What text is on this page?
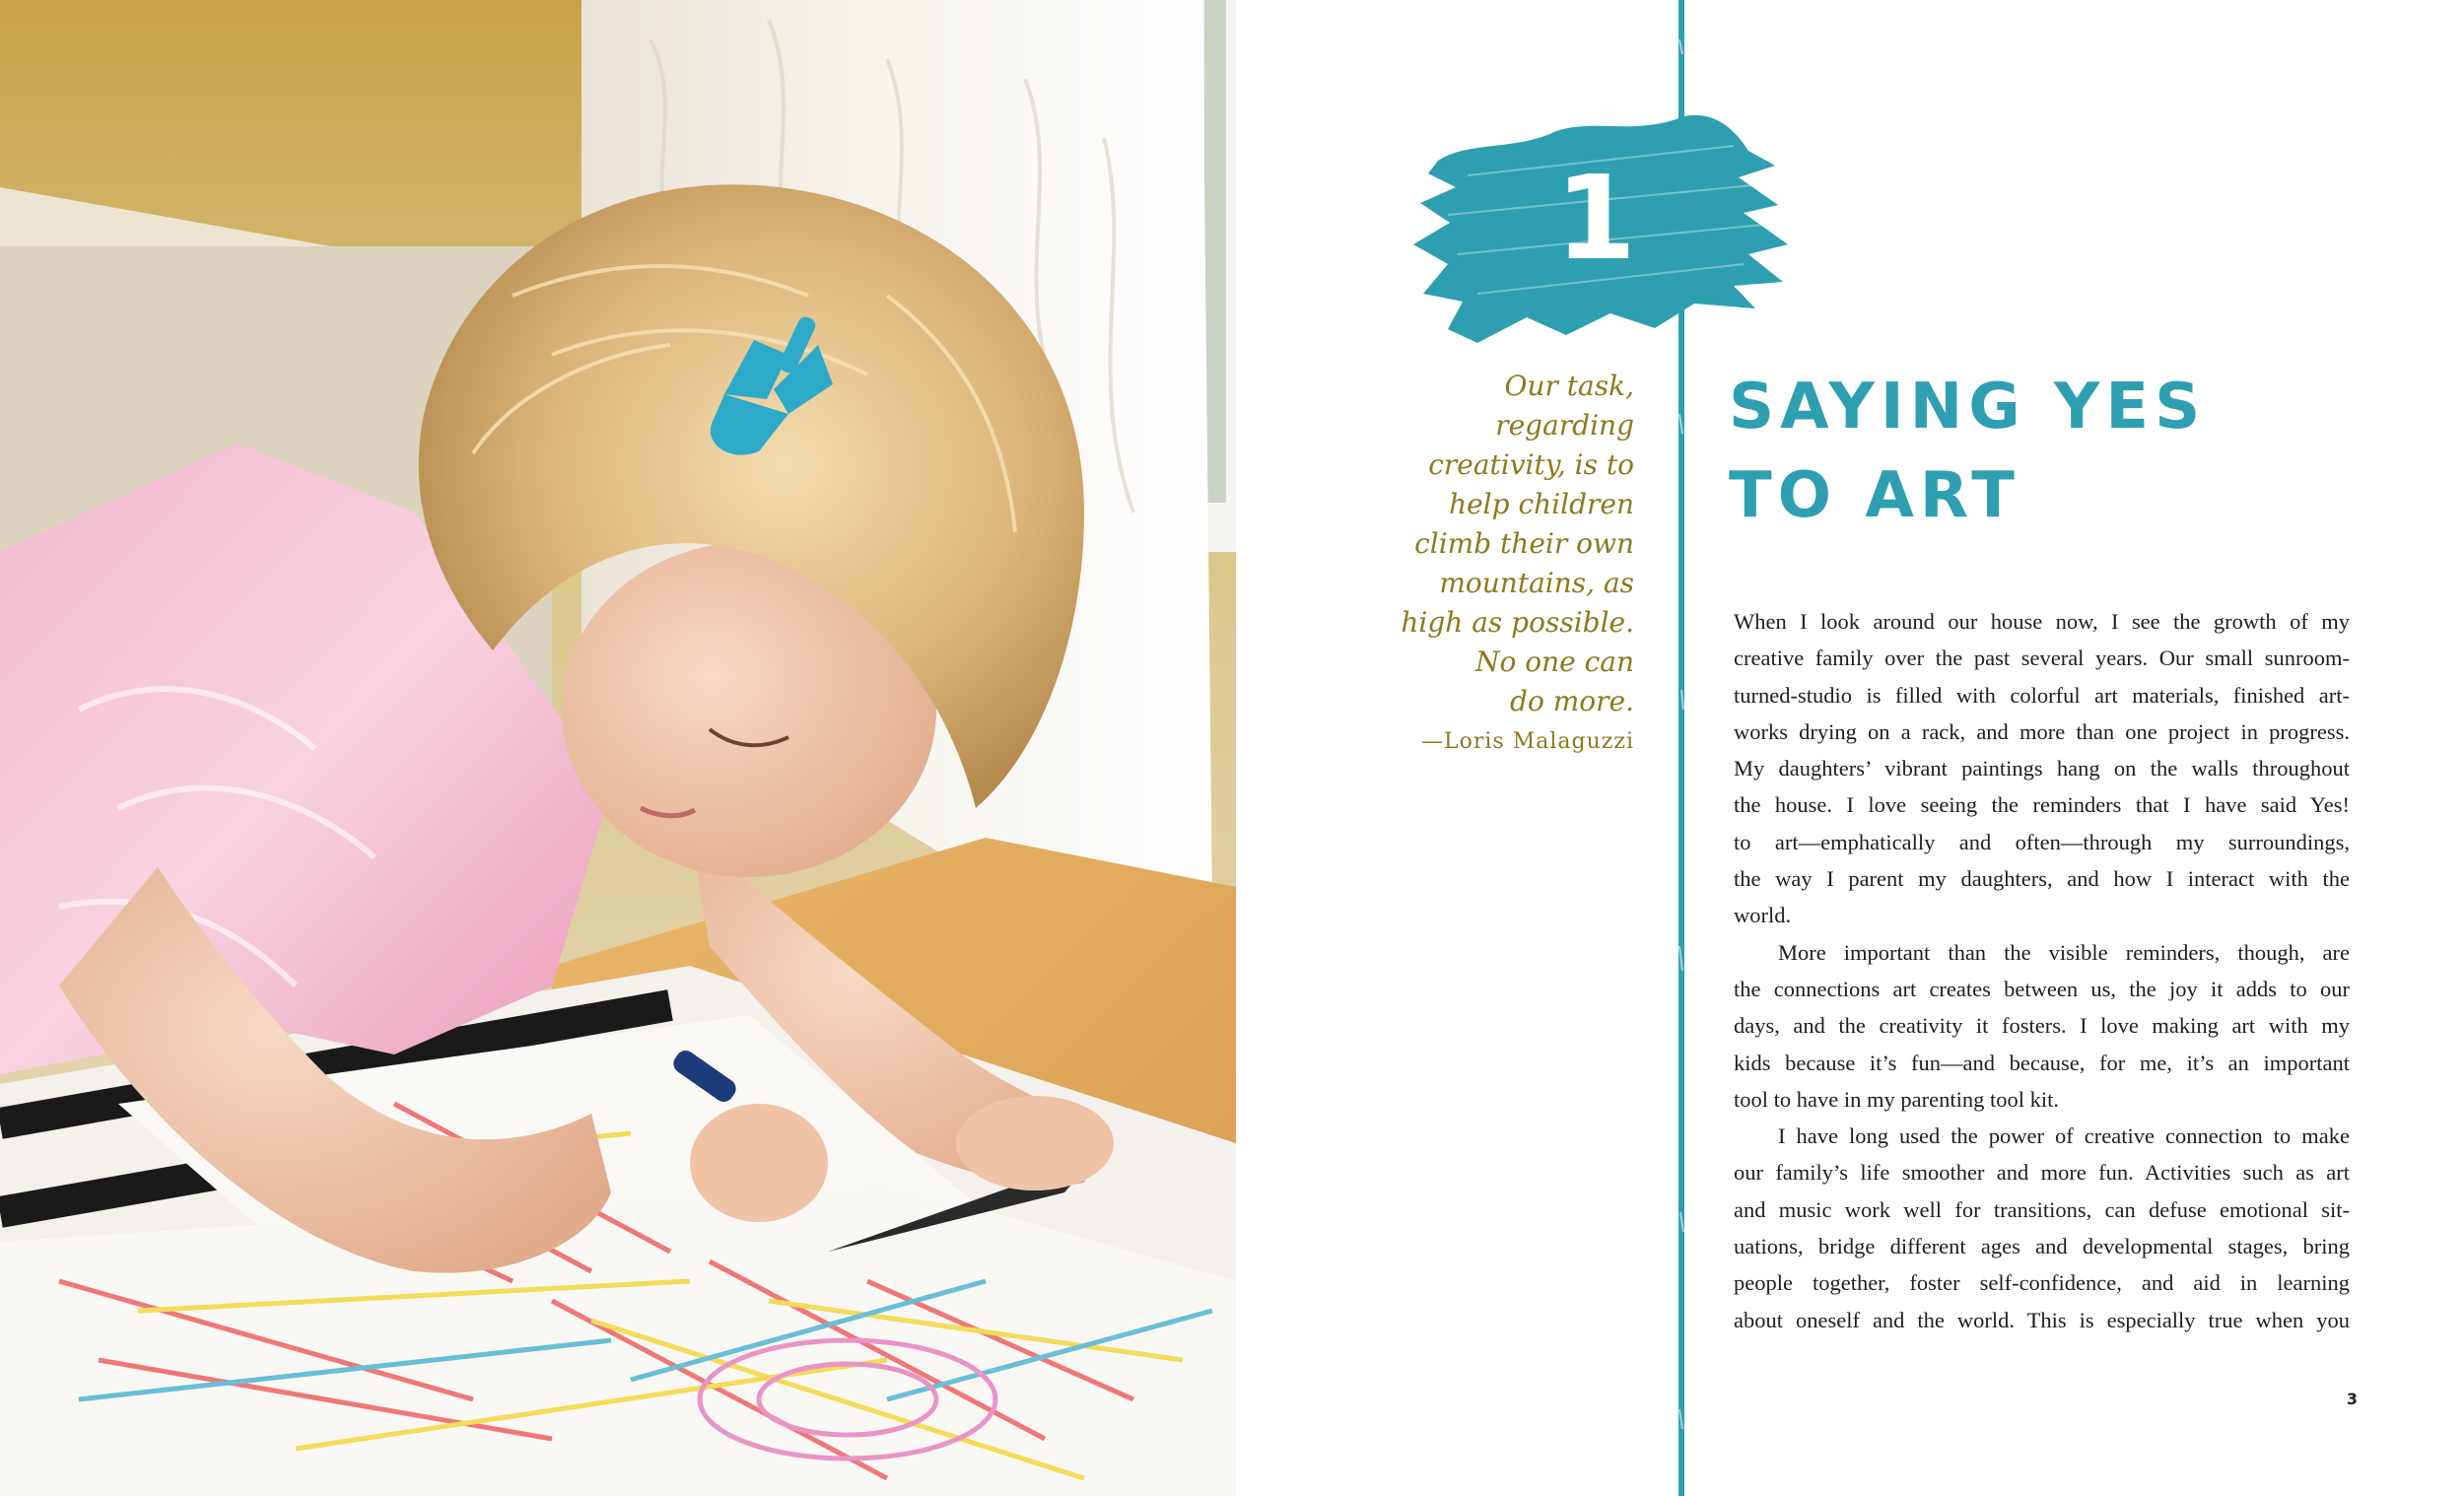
1
Our task,
regarding
creativity, is to
help children
climb their own
mountains, as
high as possible.
No one can
do more.
—Loris Malaguzzi
SAYING YES
TO ART
When I look around our house now, I see the growth of my
creative family over the past several years. Our small sunroom-
turned-studio is filled with colorful art materials, finished art-
works drying on a rack, and more than one project in progress.
My daughters’ vibrant paintings hang on the walls throughout
the house. I love seeing the reminders that I have said Yes!
to art—emphatically and often—through my surroundings,
the way I parent my daughters, and how I interact with the
world.
More important than the visible reminders, though, are
the connections art creates between us, the joy it adds to our
days, and the creativity it fosters. I love making art with my
kids because it’s fun—and because, for me, it’s an important
tool to have in my parenting tool kit.
I have long used the power of creative connection to make
our family’s life smoother and more fun. Activities such as art
and music work well for transitions, can defuse emotional sit-
uations, bridge different ages and developmental stages, bring
people together, foster self-confidence, and aid in learning
about oneself and the world. This is especially true when you
3
